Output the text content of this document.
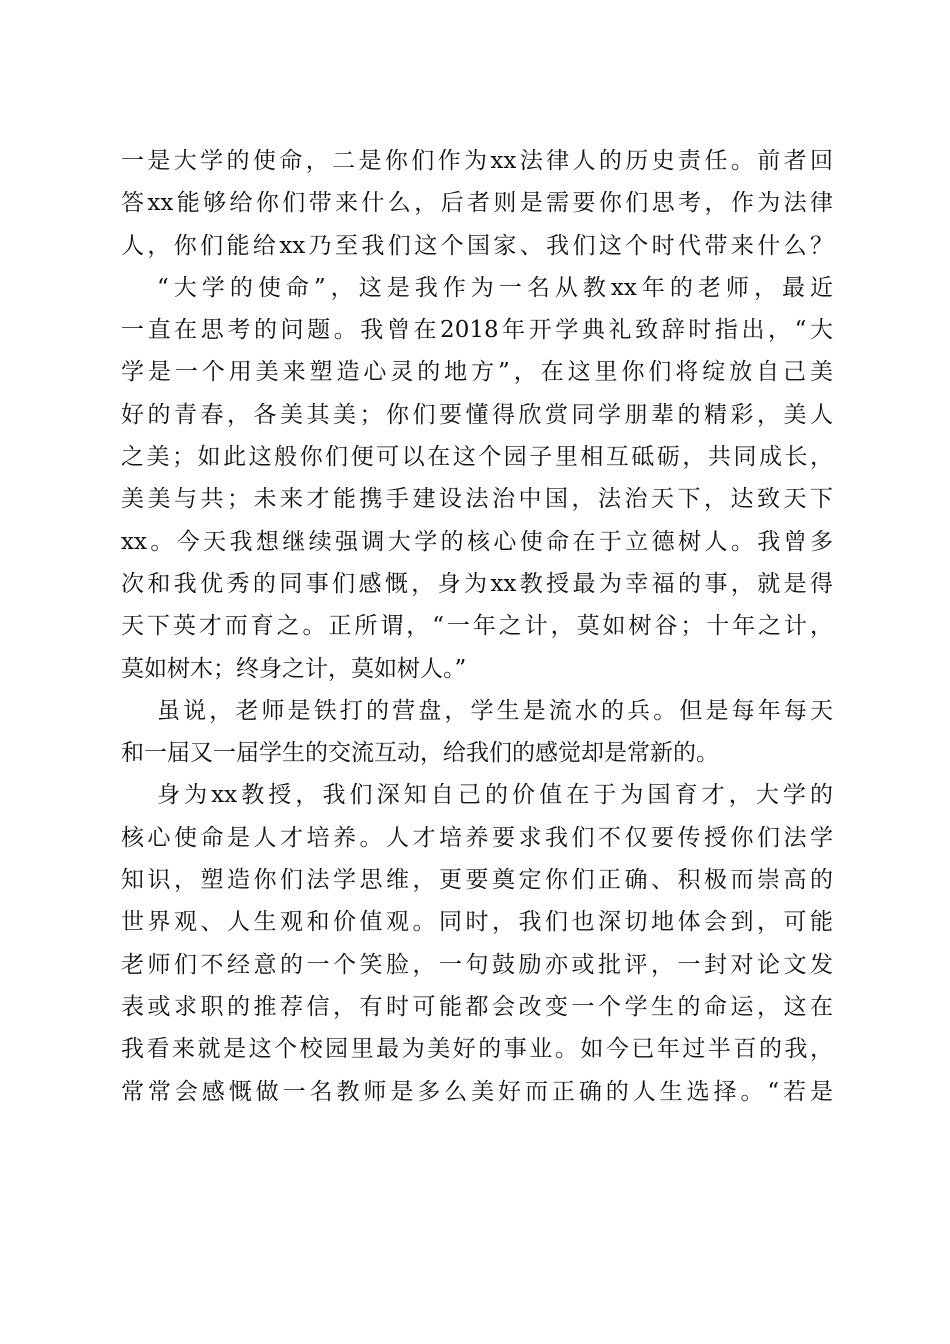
一是大学的使命，二是你们作为xx法律人的历史责任。前者回
答xx能够给你们带来什么，后者则是需要你们思考，作为法律
人，你们能给xx乃至我们这个国家、我们这个时代带来什么？
“大学的使命”，这是我作为一名从教xx年的老师，最近
一直在思考的问题。我曾在2018年开学典礼致辞时指出，“大
学是一个用美来塑造心灵的地方”，在这里你们将绽放自己美
好的青春，各美其美；你们要懂得欣赏同学朋辈的精彩，美人
之美；如此这般你们便可以在这个园子里相互砥砺，共同成长，
美美与共；未来才能携手建设法治中国，法治天下，达致天下
xx。今天我想继续强调大学的核心使命在于立德树人。我曾多
次和我优秀的同事们感慨，身为xx教授最为幸福的事，就是得
天下英才而育之。正所谓，“一年之计，莫如树谷；十年之计，
莫如树木；终身之计，莫如树人。”
虽说，老师是铁打的营盘，学生是流水的兵。但是每年每天
和一届又一届学生的交流互动，给我们的感觉却是常新的。
身为xx教授，我们深知自己的价值在于为国育才，大学的
核心使命是人才培养。人才培养要求我们不仅要传授你们法学
知识，塑造你们法学思维，更要奠定你们正确、积极而崇高的
世界观、人生观和价值观。同时，我们也深切地体会到，可能
老师们不经意的一个笑脸，一句鼓励亦或批评，一封对论文发
表或求职的推荐信，有时可能都会改变一个学生的命运，这在
我看来就是这个校园里最为美好的事业。如今已年过半百的我，
常常会感慨做一名教师是多么美好而正确的人生选择。“若是
